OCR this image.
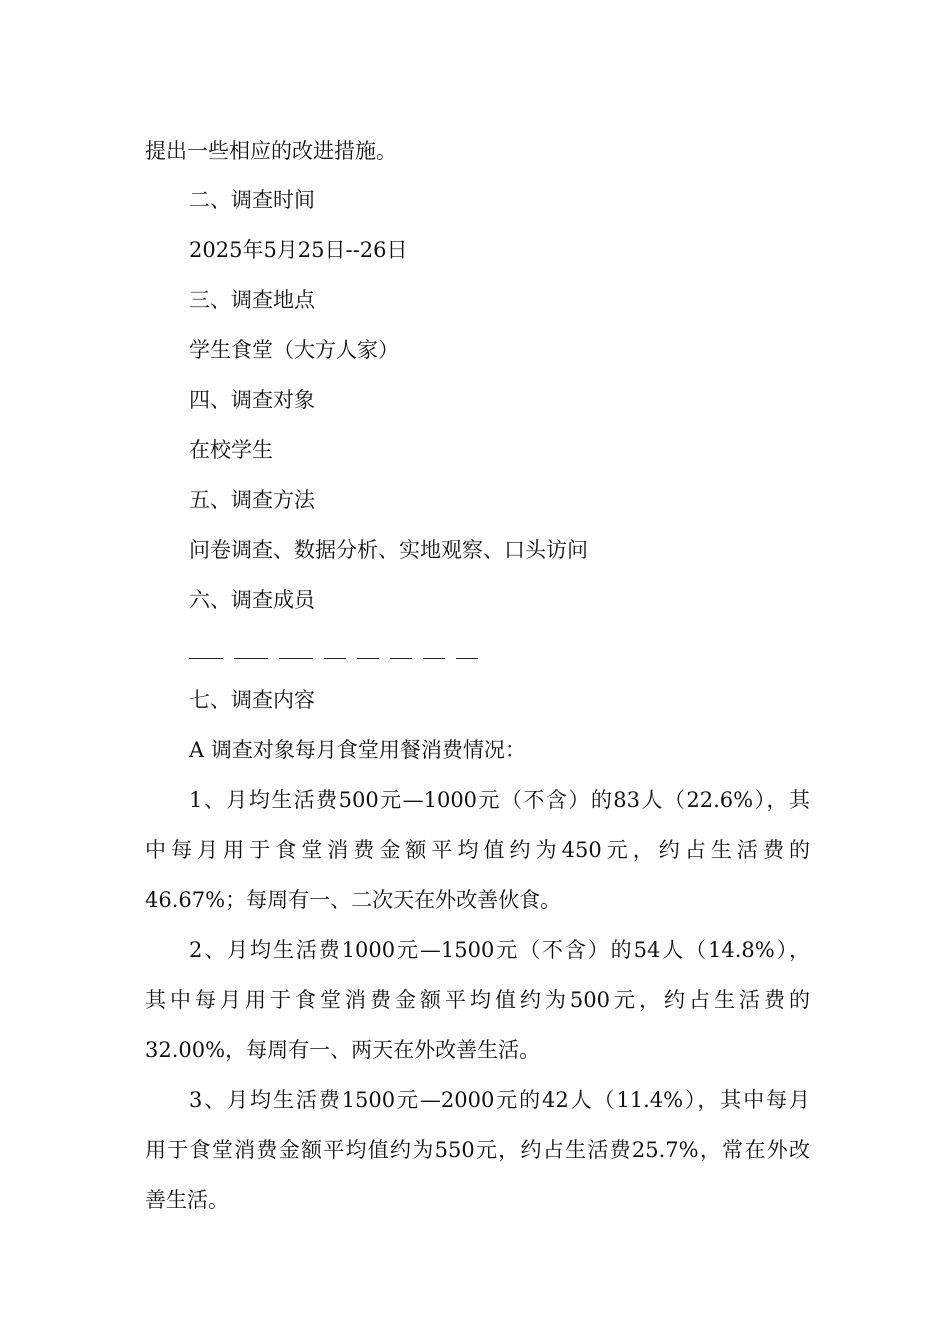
提出一些相应的改进措施。
二、调查时间
2025年5月25日--26日
三、调查地点
学生食堂（大方人家）
四、调查对象
在校学生
五、调查方法
问卷调查、数据分析、实地观察、口头访问
六、调查成员
七、调查内容
A 调查对象每月食堂用餐消费情况：
1、月均生活费500元—1000元（不含）的83人（22.6%），其
中每月用于食堂消费金额平均值约为450元，约占生活费的
46.67%；每周有一、二次天在外改善伙食。
2、月均生活费1000元—1500元（不含）的54人（14.8%），
其中每月用于食堂消费金额平均值约为500元，约占生活费的
32.00%，每周有一、两天在外改善生活。
3、月均生活费1500元—2000元的42人（11.4%），其中每月
用于食堂消费金额平均值约为550元，约占生活费25.7%，常在外改
善生活。
